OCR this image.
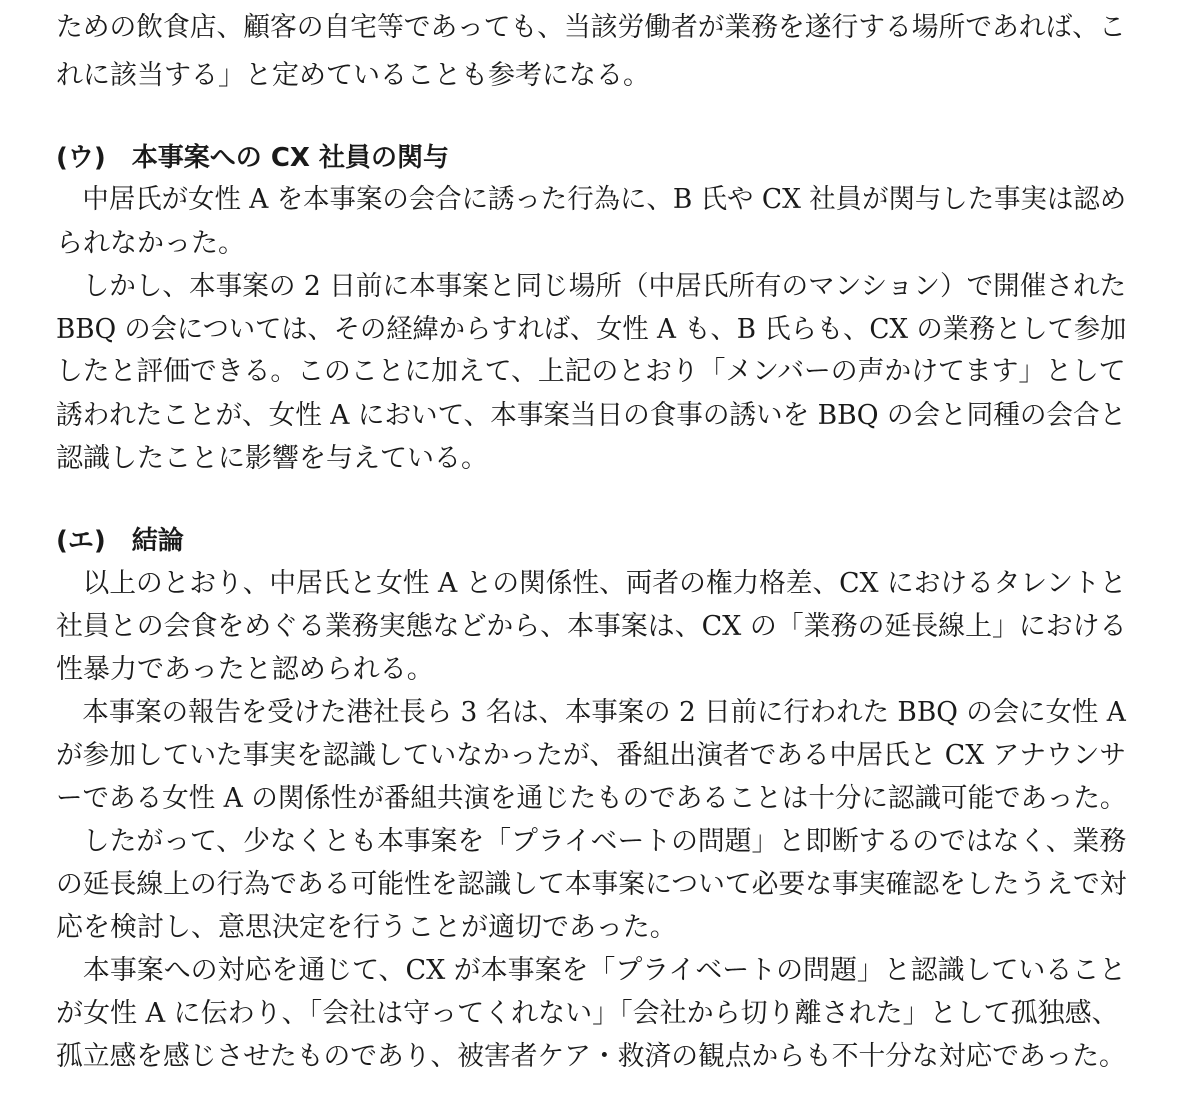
ための飲食店、顧客の自宅等であっても、当該労働者が業務を遂行する場所であれば、こ
れに該当する」と定めていることも参考になる。
(ウ)　本事案への CX 社員の関与
　中居氏が女性 A を本事案の会合に誘った行為に、B 氏や CX 社員が関与した事実は認め
られなかった。
　しかし、本事案の 2 日前に本事案と同じ場所（中居氏所有のマンション）で開催された
BBQ の会については、その経緯からすれば、女性 A も、B 氏らも、CX の業務として参加
したと評価できる。このことに加えて、上記のとおり「メンバーの声かけてます」として
誘われたことが、女性 A において、本事案当日の食事の誘いを BBQ の会と同種の会合と
認識したことに影響を与えている。
(エ)　結論
　以上のとおり、中居氏と女性 A との関係性、両者の権力格差、CX におけるタレントと
社員との会食をめぐる業務実態などから、本事案は、CX の「業務の延長線上」における
性暴力であったと認められる。
　本事案の報告を受けた港社長ら 3 名は、本事案の 2 日前に行われた BBQ の会に女性 A
が参加していた事実を認識していなかったが、番組出演者である中居氏と CX アナウンサ
ーである女性 A の関係性が番組共演を通じたものであることは十分に認識可能であった。
　したがって、少なくとも本事案を「プライベートの問題」と即断するのではなく、業務
の延長線上の行為である可能性を認識して本事案について必要な事実確認をしたうえで対
応を検討し、意思決定を行うことが適切であった。
　本事案への対応を通じて、CX が本事案を「プライベートの問題」と認識していること
が女性 A に伝わり、「会社は守ってくれない」「会社から切り離された」として孤独感、
孤立感を感じさせたものであり、被害者ケア・救済の観点からも不十分な対応であった。
